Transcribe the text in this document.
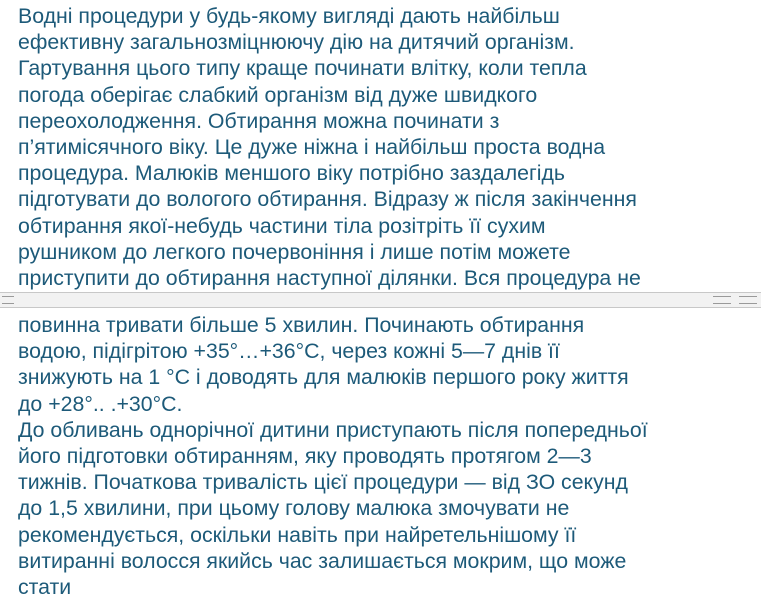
Водні процедури у будь-якому вигляді дають найбільш
ефективну загальнозміцнюючу дію на дитячий організм.
Гартування цього типу краще починати влітку, коли тепла
погода оберігає слабкий організм від дуже швидкого
переохолодження. Обтирання можна починати з
п’ятимісячного віку. Це дуже ніжна і найбільш проста водна
процедура. Малюків меншого віку потрібно заздалегідь
підготувати до вологого обтирання. Відразу ж після закінчення
обтирання якої-небудь частини тіла розітріть її сухим
рушником до легкого почервоніння і лише потім можете
приступити до обтирання наступної ділянки. Вся процедура не

повинна тривати більше 5 хвилин. Починають обтирання
водою, підігрітою +35°…+36°С, через кожні 5—7 днів її
знижують на 1 °С і доводять для малюків першого року життя
до +28°.. .+30°С.
До обливань однорічної дитини приступають після попередньої
його підготовки обтиранням, яку проводять протягом 2—3
тижнів. Початкова тривалість цієї процедури — від ЗО секунд
до 1,5 хвилини, при цьому голову малюка змочувати не
рекомендується, оскільки навіть при найретельнішому її
витиранні волосся якийсь час залишається мокрим, що може
стати
